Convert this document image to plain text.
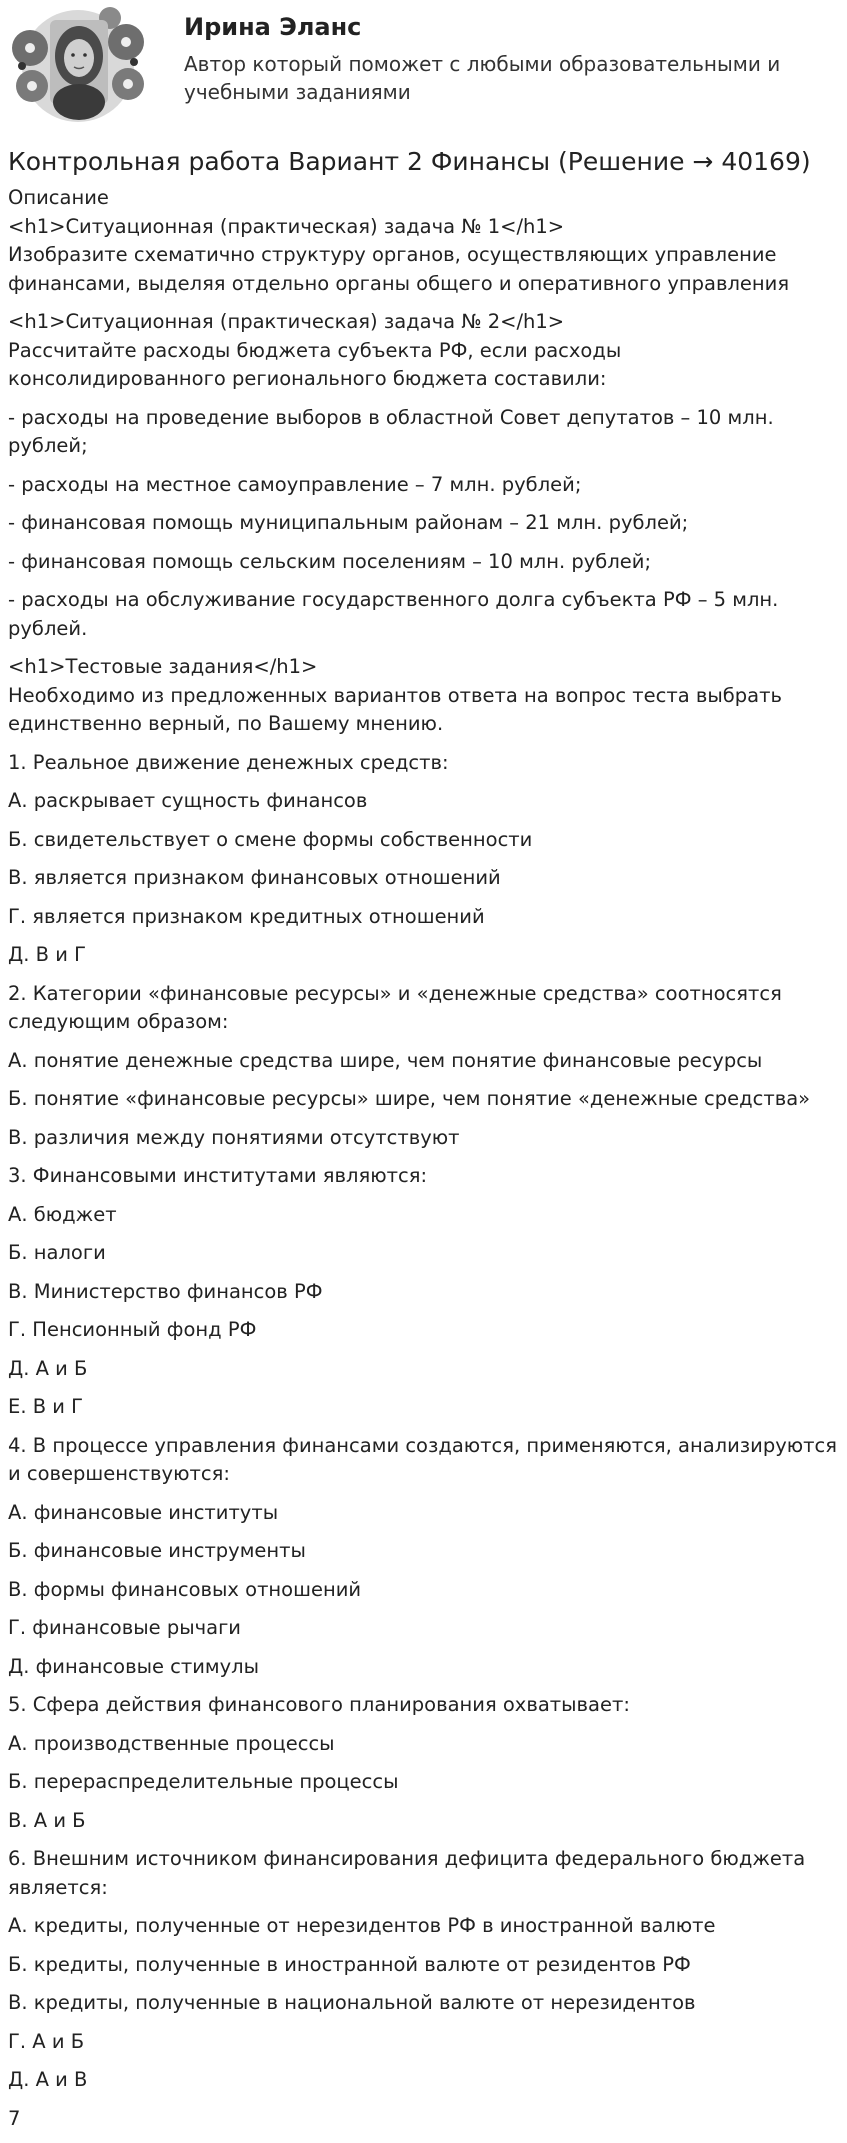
Ирина Эланс
Автор который поможет с любыми образовательными и учебными заданиями
Контрольная работа Вариант 2 Финансы (Решение → 40169)

Описание

<h1>Ситуационная (практическая) задача № 1</h1>

Изобразите схематично структуру органов, осуществляющих управление финансами, выделяя отдельно органы общего и оперативного управления

<h1>Ситуационная (практическая) задача № 2</h1>

Рассчитайте расходы бюджета субъекта РФ, если расходы консолидированного регионального бюджета составили:

- расходы на проведение выборов в областной Совет депутатов – 10 млн. рублей;

- расходы на местное самоуправление – 7 млн. рублей;

- финансовая помощь муниципальным районам – 21 млн. рублей;

- финансовая помощь сельским поселениям – 10 млн. рублей;

- расходы на обслуживание государственного долга субъекта РФ – 5 млн. рублей.

<h1>Тестовые задания</h1>

Необходимо из предложенных вариантов ответа на вопрос теста выбрать единственно верный, по Вашему мнению.

1. Реальное движение денежных средств:

А. раскрывает сущность финансов

Б. свидетельствует о смене формы собственности

В. является признаком финансовых отношений

Г. является признаком кредитных отношений

Д. В и Г

2. Категории «финансовые ресурсы» и «денежные средства» соотносятся следующим образом:

А. понятие денежные средства шире, чем понятие финансовые ресурсы

Б. понятие «финансовые ресурсы» шире, чем понятие «денежные средства»

В. различия между понятиями отсутствуют

3. Финансовыми институтами являются:

А. бюджет

Б. налоги

В. Министерство финансов РФ

Г. Пенсионный фонд РФ

Д. А и Б

Е. В и Г

4. В процессе управления финансами создаются, применяются, анализируются и совершенствуются:

А. финансовые институты

Б. финансовые инструменты

В. формы финансовых отношений

Г. финансовые рычаги

Д. финансовые стимулы

5. Сфера действия финансового планирования охватывает:

А. производственные процессы

Б. перераспределительные процессы

В. А и Б

6. Внешним источником финансирования дефицита федерального бюджета является:

А. кредиты, полученные от нерезидентов РФ в иностранной валюте

Б. кредиты, полученные в иностранной валюте от резидентов РФ

В. кредиты, полученные в национальной валюте от нерезидентов

Г. А и Б

Д. А и В

7
